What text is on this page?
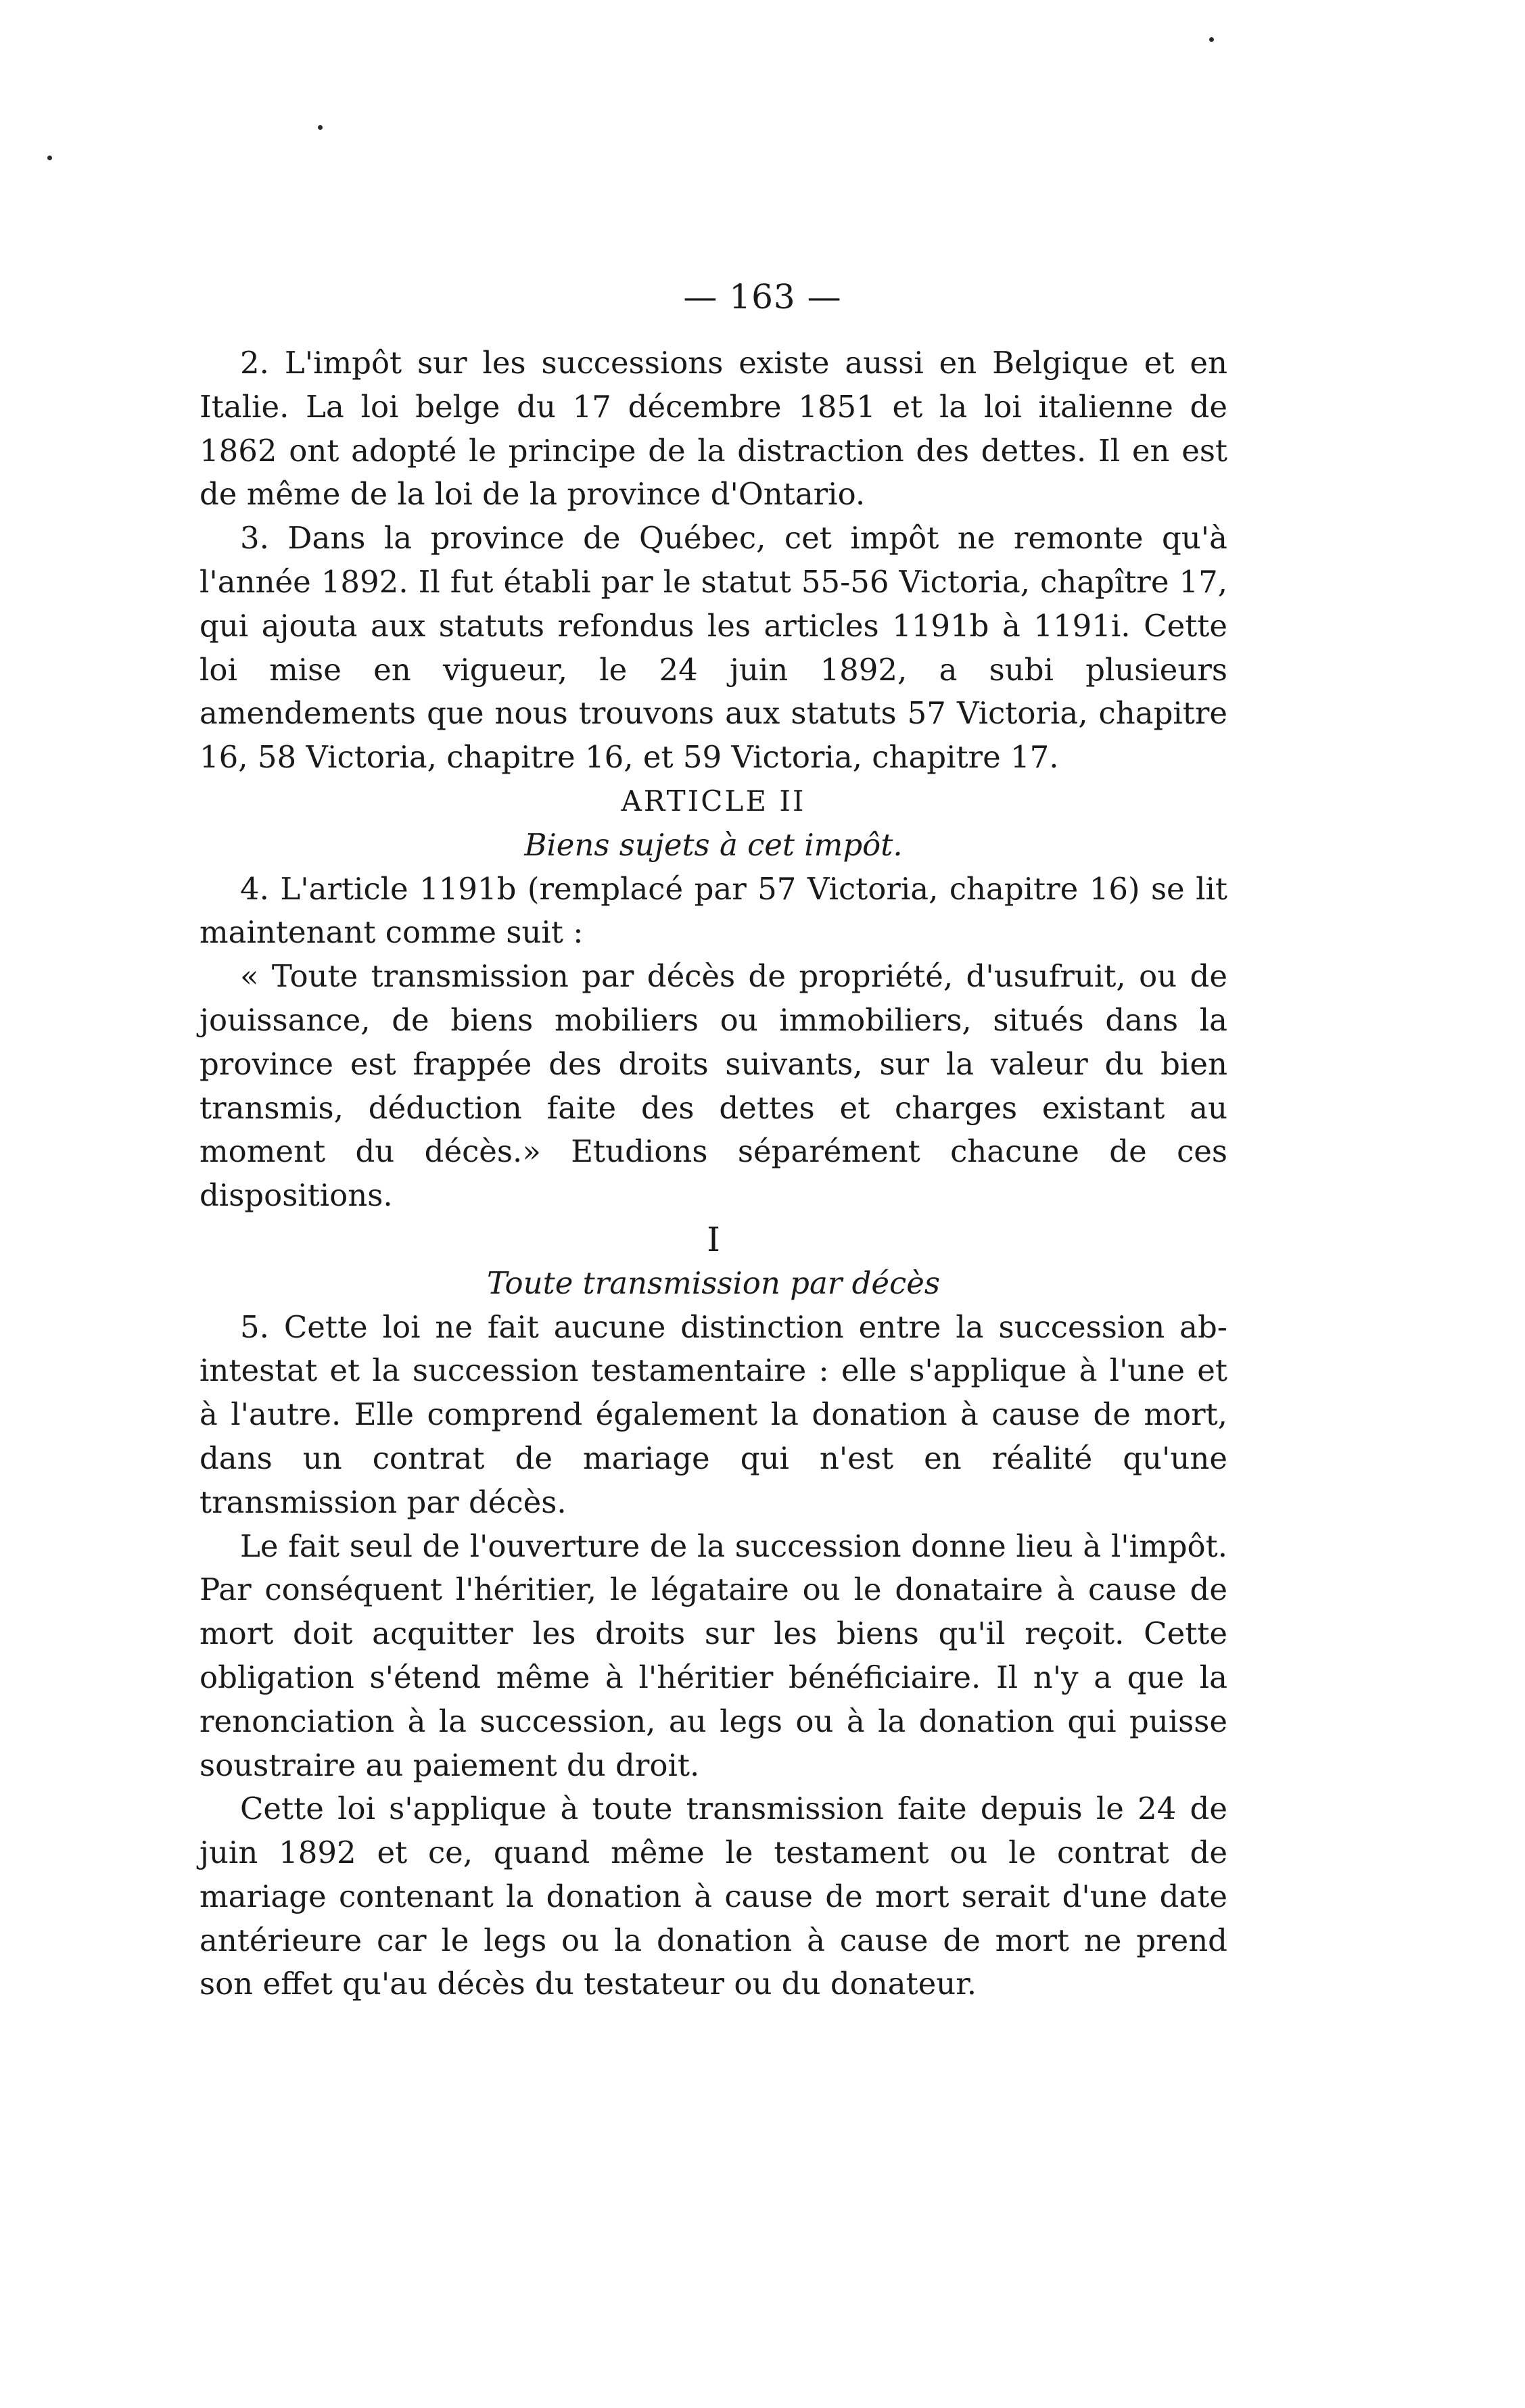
— 163 —

2. L'impôt sur les successions existe aussi en Belgique et en Italie. La loi belge du 17 décembre 1851 et la loi italienne de 1862 ont adopté le principe de la distraction des dettes. Il en est de même de la loi de la province d'Ontario.

3. Dans la province de Québec, cet impôt ne remonte qu'à l'année 1892. Il fut établi par le statut 55-56 Victoria, chapître 17, qui ajouta aux statuts refondus les articles 1191b à 1191i. Cette loi mise en vigueur, le 24 juin 1892, a subi plusieurs amendements que nous trouvons aux statuts 57 Victoria, chapitre 16, 58 Victoria, chapitre 16, et 59 Victoria, chapitre 17.

ARTICLE II

Biens sujets à cet impôt.

4. L'article 1191b (remplacé par 57 Victoria, chapitre 16) se lit maintenant comme suit :

« Toute transmission par décès de propriété, d'usufruit, ou de jouissance, de biens mobiliers ou immobiliers, situés dans la province est frappée des droits suivants, sur la valeur du bien transmis, déduction faite des dettes et charges existant au moment du décès.» Etudions séparément chacune de ces dispositions.

I

Toute transmission par décès

5. Cette loi ne fait aucune distinction entre la succession ab-intestat et la succession testamentaire : elle s'applique à l'une et à l'autre. Elle comprend également la donation à cause de mort, dans un contrat de mariage qui n'est en réalité qu'une transmission par décès.

Le fait seul de l'ouverture de la succession donne lieu à l'impôt. Par conséquent l'héritier, le légataire ou le donataire à cause de mort doit acquitter les droits sur les biens qu'il reçoit. Cette obligation s'étend même à l'héritier bénéficiaire. Il n'y a que la renonciation à la succession, au legs ou à la donation qui puisse soustraire au paiement du droit.

Cette loi s'applique à toute transmission faite depuis le 24 de juin 1892 et ce, quand même le testament ou le contrat de mariage contenant la donation à cause de mort serait d'une date antérieure car le legs ou la donation à cause de mort ne prend son effet qu'au décès du testateur ou du donateur.
